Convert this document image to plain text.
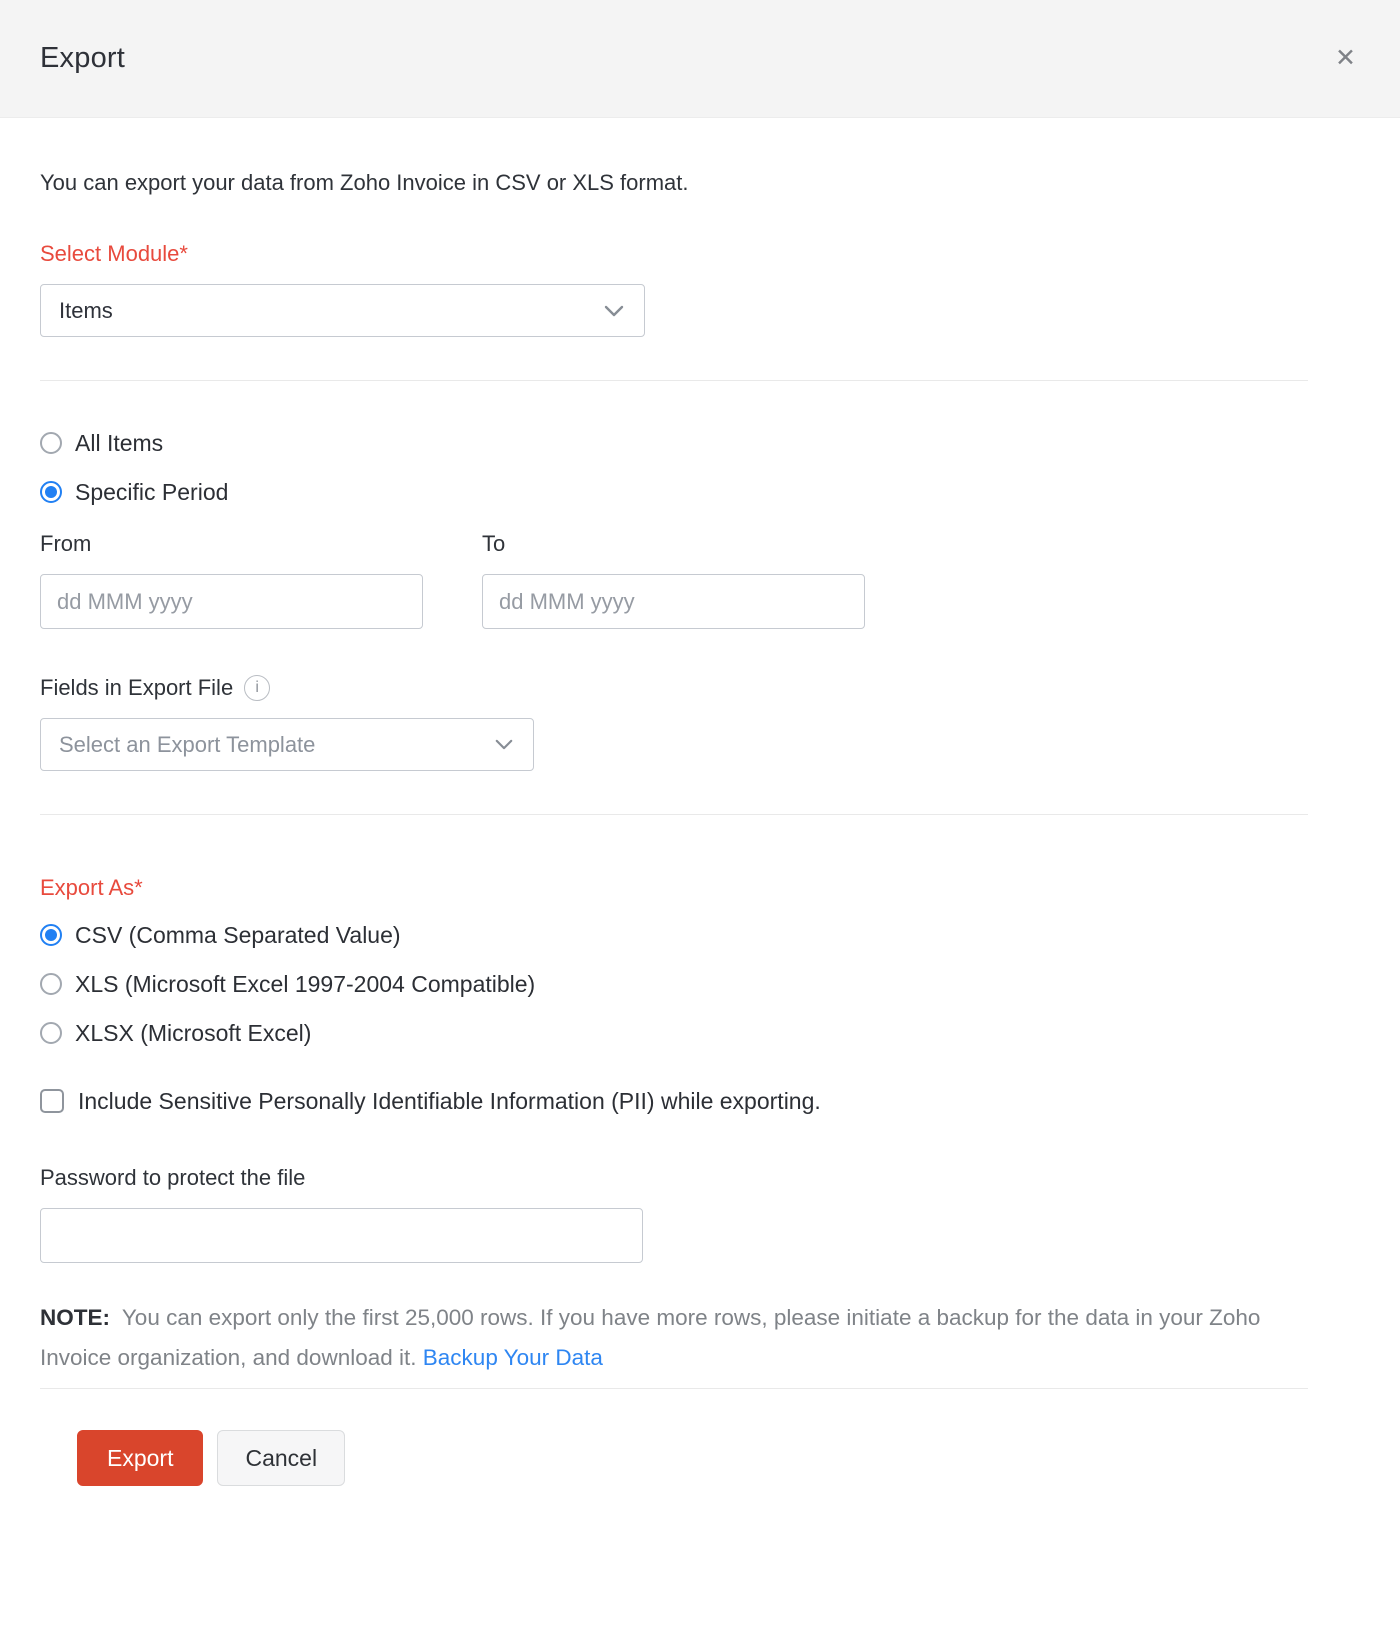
Export	✕

You can export your data from Zoho Invoice in CSV or XLS format.

Select Module*
Items
All Items
Specific Period
From
dd MMM yyyy	To
dd MMM yyyy
Fields in Export File	i
Select an Export Template
Export As*
CSV (Comma Separated Value)
XLS (Microsoft Excel 1997-2004 Compatible)
XLSX (Microsoft Excel)
Include Sensitive Personally Identifiable Information (PII) while exporting.
Password to protect the file

NOTE: You can export only the first 25,000 rows. If you have more rows, please initiate a backup for the data in your Zoho Invoice organization, and download it. Backup Your Data

Export	Cancel
